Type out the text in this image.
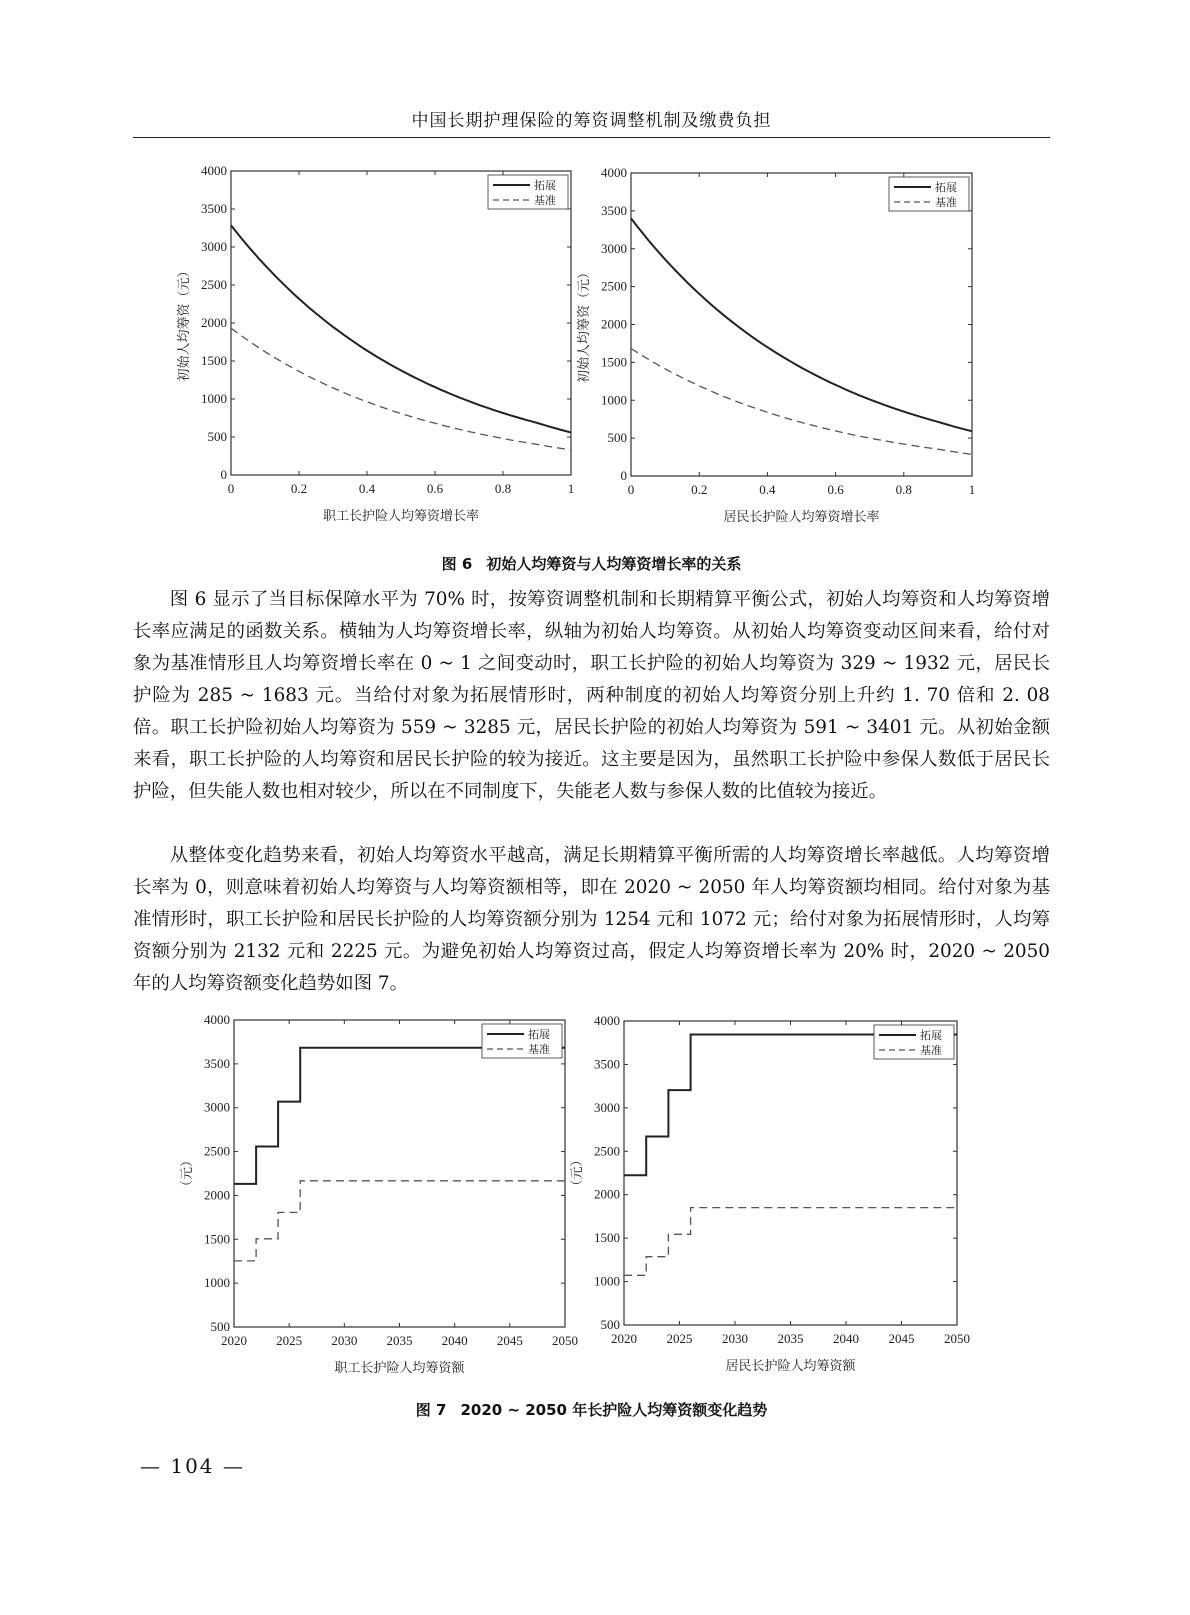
中国长期护理保险的筹资调整机制及缴费负担
0	0.2	0.4	0.6	0.8	1
0
500
1000
1500
2000
2500
3000
3500
4000
职工长护险人均筹资增长率
初始人均筹资（元）
拓展
基准
0	0.2	0.4	0.6	0.8	1
0
500
1000
1500
2000
2500
3000
3500
4000
居民长护险人均筹资增长率
初始人均筹资（元）
拓展
基准
图 6 初始人均筹资与人均筹资增长率的关系

图 6 显示了当目标保障水平为 70% 时，按筹资调整机制和长期精算平衡公式，初始人均筹资和人均筹资增长率应满足的函数关系。横轴为人均筹资增长率，纵轴为初始人均筹资。从初始人均筹资变动区间来看，给付对象为基准情形且人均筹资增长率在 0 ~ 1 之间变动时，职工长护险的初始人均筹资为 329 ~ 1932 元，居民长护险为 285 ~ 1683 元。当给付对象为拓展情形时，两种制度的初始人均筹资分别上升约 1. 70 倍和 2. 08 倍。职工长护险初始人均筹资为 559 ~ 3285 元，居民长护险的初始人均筹资为 591 ~ 3401 元。从初始金额来看，职工长护险的人均筹资和居民长护险的较为接近。这主要是因为，虽然职工长护险中参保人数低于居民长护险，但失能人数也相对较少，所以在不同制度下，失能老人数与参保人数的比值较为接近。

从整体变化趋势来看，初始人均筹资水平越高，满足长期精算平衡所需的人均筹资增长率越低。人均筹资增长率为 0，则意味着初始人均筹资与人均筹资额相等，即在 2020 ~ 2050 年人均筹资额均相同。给付对象为基准情形时，职工长护险和居民长护险的人均筹资额分别为 1254 元和 1072 元；给付对象为拓展情形时，人均筹资额分别为 2132 元和 2225 元。为避免初始人均筹资过高，假定人均筹资增长率为 20% 时，2020 ~ 2050 年的人均筹资额变化趋势如图 7。

2020 2025 2030 2035 2040 2045 2050
500
1000
1500
2000
2500
3000
3500
4000
职工长护险人均筹资额
（元）
拓展
基准
2020 2025 2030 2035 2040 2045 2050
500
1000
1500
2000
2500
3000
3500
4000
居民长护险人均筹资额
（元）
拓展
基准
图 7 2020 ~ 2050 年长护险人均筹资额变化趋势
— 104 —
